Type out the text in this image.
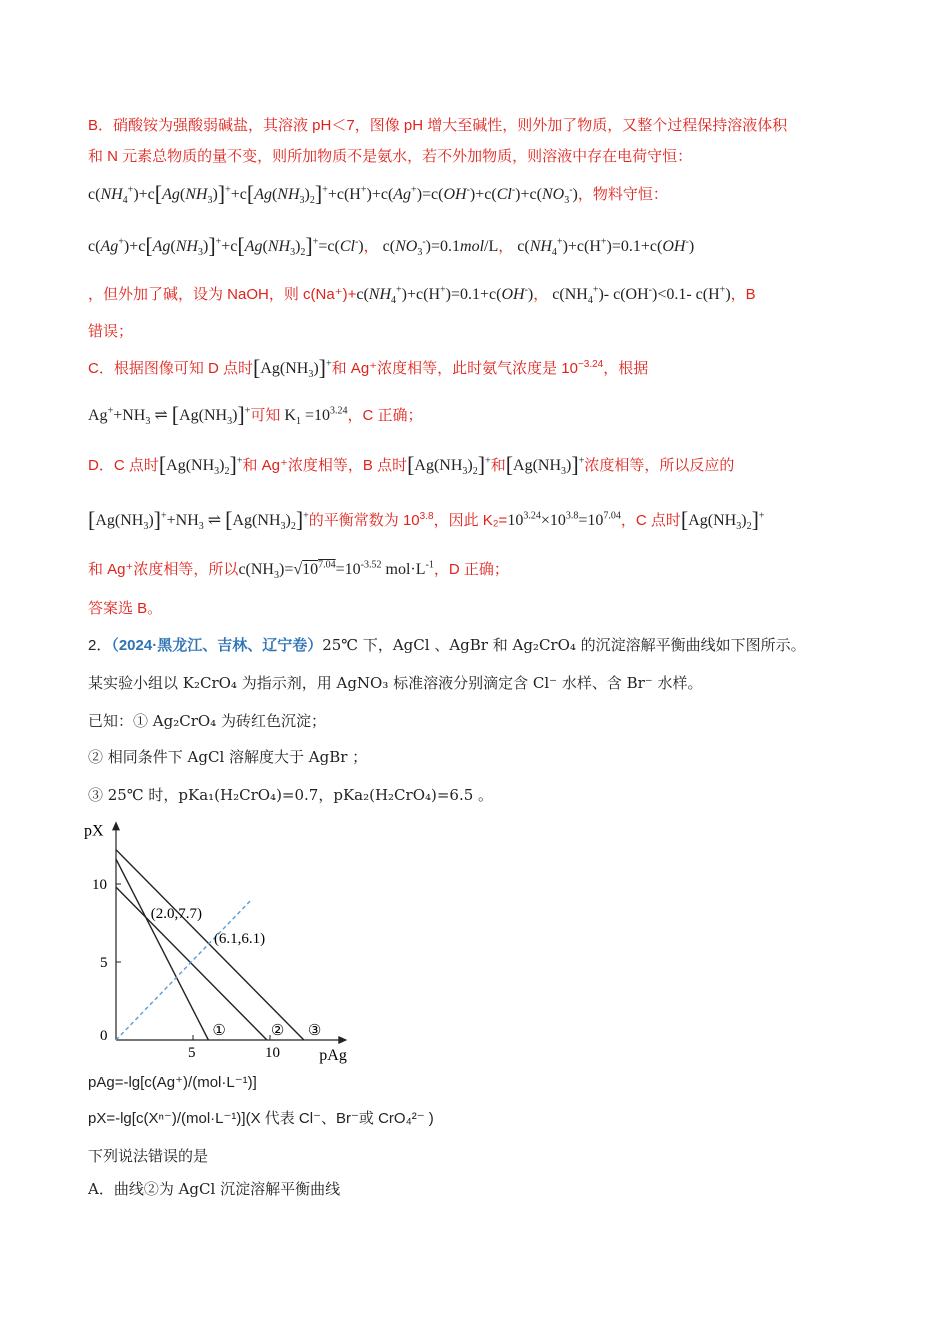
B．硝酸铵为强酸弱碱盐，其溶液 pH＜7，图像 pH 增大至碱性，则外加了物质，又整个过程保持溶液体积
和 N 元素总物质的量不变，则所加物质不是氨水，若不外加物质，则溶液中存在电荷守恒：
$c(NH_4^+)+c[Ag(NH_3)]^++c[Ag(NH_3)_2]^++c(H^+)+c(Ag^+)=c(OH^-)+c(Cl^-)+c(NO_3^-)$，物料守恒：
$c(Ag^+)+c[Ag(NH_3)]^++c[Ag(NH_3)_2]^+=c(Cl^-)$， $c(NO_3^-)=0.1mol/L$， $c(NH_4^+)+c(H^+)=0.1+c(OH^-)$
，但外加了碱，设为 NaOH，则 $c(Na^+)+c(NH_4^+)+c(H^+)=0.1+c(OH^-)$， $c(NH_4^+)-$ c(OH-)<0.1- c(H+)，B
错误；
C．根据图像可知 D 点时$[Ag(NH_3)]^+$和 Ag⁺浓度相等，此时氨气浓度是 $10^{-3.24}$，根据
$Ag^++NH_3$ ⇌ $[Ag(NH_3)]^+$可知 $K_1 =10^{3.24}$，C 正确；
D．C 点时$[Ag(NH_3)_2]^+$和 Ag⁺浓度相等，B 点时$[Ag(NH_3)_2]^+$和$[Ag(NH_3)]^+$浓度相等，所以反应的
$[Ag(NH_3)]^++NH_3$ ⇌ $[Ag(NH_3)_2]^+$的平衡常数为 $10^{3.8}$，因此 $K_2=10^{3.24}\times 10^{3.8}=10^{7.04}$，C 点时$[Ag(NH_3)_2]^+$
和 Ag⁺浓度相等，所以$c(NH_3)=√10^{7.04}=10^{-3.52}$ $mol\cdot L^{-1}$，D 正确；
答案选 B。
2．（2024·黑龙江、吉林、辽宁卷）25℃ 下，AgCl 、AgBr 和 Ag₂CrO₄ 的沉淀溶解平衡曲线如下图所示。
某实验小组以 K₂CrO₄ 为指示剂，用 AgNO₃ 标准溶液分别滴定含 Cl⁻ 水样、含 Br⁻ 水样。
已知：① Ag₂CrO₄ 为砖红色沉淀；
② 相同条件下 AgCl 溶解度大于 AgBr ；
③ 25℃ 时，pKa₁(H₂CrO₄)=0.7，pKa₂(H₂CrO₄)=6.5 。
pAg
pX
5	10
0
5
10
①	② ③
(2.0,7.7)
(6.1,6.1)
pAg=-lg[c(Ag⁺)/(mol·L⁻¹)]
pX=-lg[c(Xⁿ⁻)/(mol·L⁻¹)](X 代表 Cl⁻、Br⁻或 CrO₄²⁻ )
下列说法错误的是
A．曲线②为 AgCl 沉淀溶解平衡曲线
